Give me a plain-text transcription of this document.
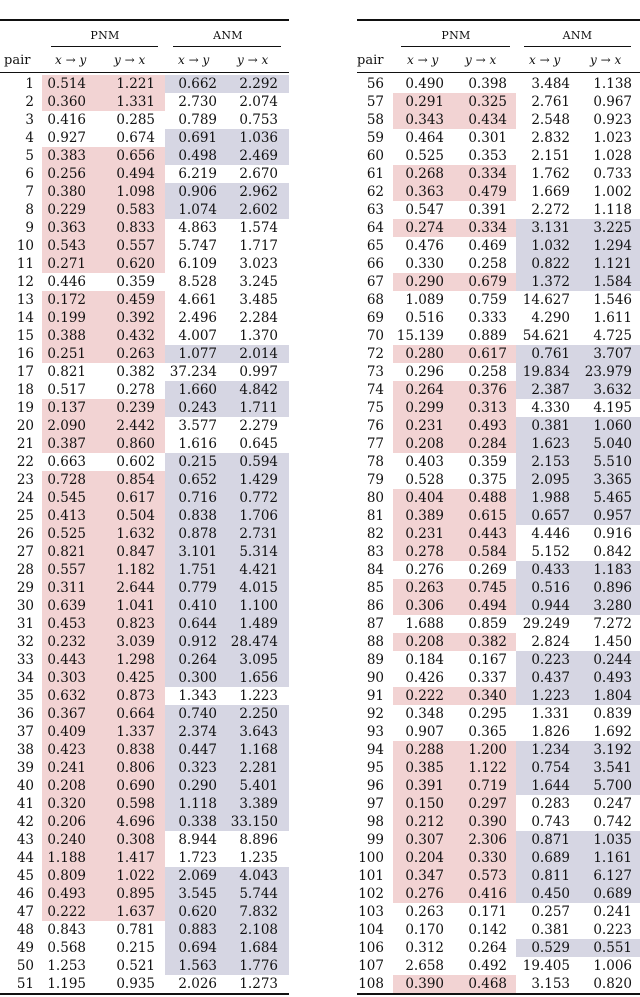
PNM	ANM
pair x → y y → x	x → y y → x
1 0.514	1.221	0.662	2.292
2 0.360	1.331	2.730	2.074
3 0.416	0.285	0.789	0.753
4 0.927	0.674	0.691	1.036
5 0.383	0.656	0.498	2.469
6 0.256	0.494	6.219	2.670
7 0.380	1.098	0.906	2.962
8 0.229	0.583	1.074	2.602
9 0.363	0.833	4.863	1.574
10 0.543	0.557	5.747	1.717
11 0.271	0.620	6.109	3.023
12 0.446	0.359	8.528	3.245
13 0.172	0.459	4.661	3.485
14 0.199	0.392	2.496	2.284
15 0.388	0.432	4.007	1.370
16 0.251	0.263	1.077	2.014
17 0.821	0.382	37.234	0.997
18 0.517	0.278	1.660	4.842
19 0.137	0.239	0.243	1.711
20 2.090	2.442	3.577	2.279
21 0.387	0.860	1.616	0.645
22 0.663	0.602	0.215	0.594
23 0.728	0.854	0.652	1.429
24 0.545	0.617	0.716	0.772
25 0.413	0.504	0.838	1.706
26 0.525	1.632	0.878	2.731
27 0.821	0.847	3.101	5.314
28 0.557	1.182	1.751	4.421
29 0.311	2.644	0.779	4.015
30 0.639	1.041	0.410	1.100
31 0.453	0.823	0.644	1.489
32 0.232	3.039	0.912	28.474
33 0.443	1.298	0.264	3.095
34 0.303	0.425	0.300	1.656
35 0.632	0.873	1.343	1.223
36 0.367	0.664	0.740	2.250
37 0.409	1.337	2.374	3.643
38 0.423	0.838	0.447	1.168
39 0.241	0.806	0.323	2.281
40 0.208	0.690	0.290	5.401
41 0.320	0.598	1.118	3.389
42 0.206	4.696	0.338	33.150
43 0.240	0.308	8.944	8.896
44 1.188	1.417	1.723	1.235
45 0.809	1.022	2.069	4.043
46 0.493	0.895	3.545	5.744
47 0.222	1.637	0.620	7.832
48 0.843	0.781	0.883	2.108
49 0.568	0.215	0.694	1.684
50 1.253	0.521	1.563	1.776
51 1.195	0.935	2.026	1.273
PNM	ANM
pair x → y y → x	x → y y → x
56	0.490	0.398	3.484	1.138
57	0.291	0.325	2.761	0.967
58	0.343	0.434	2.548	0.923
59	0.464	0.301	2.832	1.023
60	0.525	0.353	2.151	1.028
61	0.268	0.334	1.762	0.733
62	0.363	0.479	1.669	1.002
63	0.547	0.391	2.272	1.118
64	0.274	0.334	3.131	3.225
65	0.476	0.469	1.032	1.294
66	0.330	0.258	0.822	1.121
67	0.290	0.679	1.372	1.584
68	1.089	0.759	14.627	1.546
69	0.516	0.333	4.290	1.611
70 15.139	0.889	54.621	4.725
72	0.280	0.617	0.761	3.707
73	0.296	0.258	19.834	23.979
74	0.264	0.376	2.387	3.632
75	0.299	0.313	4.330	4.195
76	0.231	0.493	0.381	1.060
77	0.208	0.284	1.623	5.040
78	0.403	0.359	2.153	5.510
79	0.528	0.375	2.095	3.365
80	0.404	0.488	1.988	5.465
81	0.389	0.615	0.657	0.957
82	0.231	0.443	4.446	0.916
83	0.278	0.584	5.152	0.842
84	0.276	0.269	0.433	1.183
85	0.263	0.745	0.516	0.896
86	0.306	0.494	0.944	3.280
87	1.688	0.859	29.249	7.272
88	0.208	0.382	2.824	1.450
89	0.184	0.167	0.223	0.244
90	0.426	0.337	0.437	0.493
91	0.222	0.340	1.223	1.804
92	0.348	0.295	1.331	0.839
93	0.907	0.365	1.826	1.692
94	0.288	1.200	1.234	3.192
95	0.385	1.122	0.754	3.541
96	0.391	0.719	1.644	5.700
97	0.150	0.297	0.283	0.247
98	0.212	0.390	0.743	0.742
99	0.307	2.306	0.871	1.035
100	0.204	0.330	0.689	1.161
101	0.347	0.573	0.811	6.127
102	0.276	0.416	0.450	0.689
103	0.263	0.171	0.257	0.241
104	0.170	0.142	0.381	0.223
106	0.312	0.264	0.529	0.551
107	2.658	0.492	19.405	1.006
108	0.390	0.468	3.153	0.820
